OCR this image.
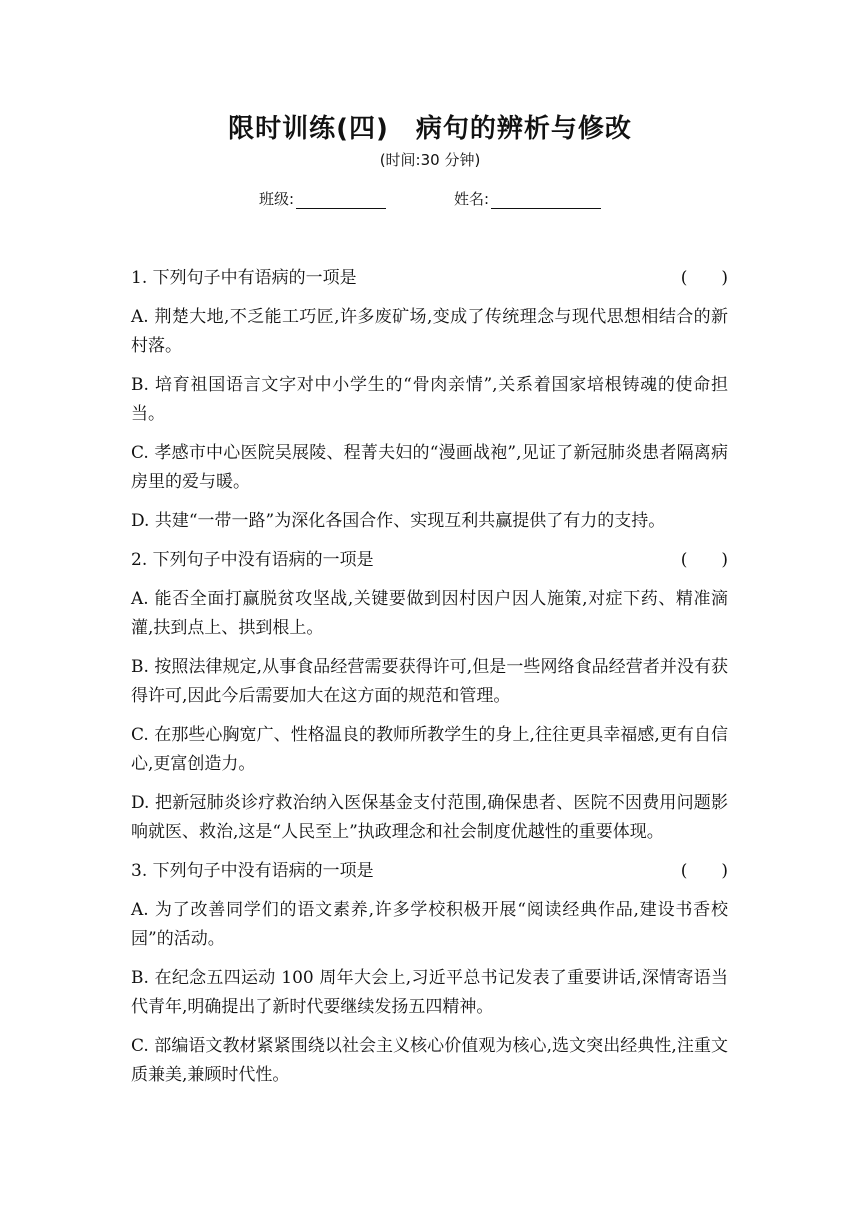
限时训练(四)　病句的辨析与修改
(时间:30 分钟)
班级:	姓名:
1. 下列句子中有语病的一项是	(　　)
A. 荆楚大地,不乏能工巧匠,许多废矿场,变成了传统理念与现代思想相结合的新村落。
B. 培育祖国语言文字对中小学生的“骨肉亲情”,关系着国家培根铸魂的使命担当。
C. 孝感市中心医院吴展陵、程菁夫妇的“漫画战袍”,见证了新冠肺炎患者隔离病房里的爱与暖。
D. 共建“一带一路”为深化各国合作、实现互利共赢提供了有力的支持。
2. 下列句子中没有语病的一项是	(　　)
A. 能否全面打赢脱贫攻坚战,关键要做到因村因户因人施策,对症下药、精准滴灌,扶到点上、拱到根上。
B. 按照法律规定,从事食品经营需要获得许可,但是一些网络食品经营者并没有获得许可,因此今后需要加大在这方面的规范和管理。
C. 在那些心胸宽广、性格温良的教师所教学生的身上,往往更具幸福感,更有自信心,更富创造力。
D. 把新冠肺炎诊疗救治纳入医保基金支付范围,确保患者、医院不因费用问题影响就医、救治,这是“人民至上”执政理念和社会制度优越性的重要体现。
3. 下列句子中没有语病的一项是	(　　)
A. 为了改善同学们的语文素养,许多学校积极开展“阅读经典作品,建设书香校园”的活动。
B. 在纪念五四运动 100 周年大会上,习近平总书记发表了重要讲话,深情寄语当代青年,明确提出了新时代要继续发扬五四精神。
C. 部编语文教材紧紧围绕以社会主义核心价值观为核心,选文突出经典性,注重文质兼美,兼顾时代性。
